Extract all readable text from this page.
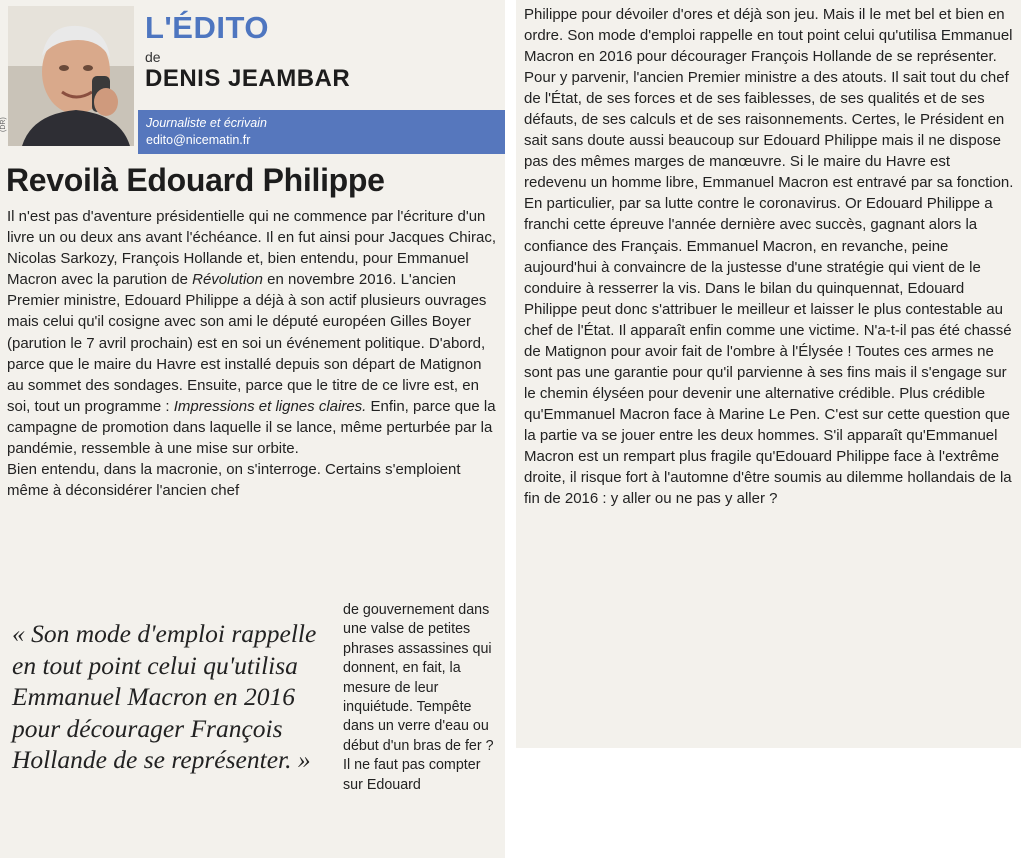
(DR)
L'ÉDITO
de
DENIS JEAMBAR
Journaliste et écrivain
edito@nicematin.fr
Revoilà Edouard Philippe

Il n'est pas d'aventure présidentielle qui ne commence par l'écriture d'un livre un ou deux ans avant l'échéance. Il en fut ainsi pour Jacques Chirac, Nicolas Sarkozy, François Hollande et, bien entendu, pour Emmanuel Macron avec la parution de Révolution en novembre 2016. L'ancien Premier ministre, Edouard Philippe a déjà à son actif plusieurs ouvrages mais celui qu'il cosigne avec son ami le député européen Gilles Boyer (parution le 7 avril prochain) est en soi un événement politique. D'abord, parce que le maire du Havre est installé depuis son départ de Matignon au sommet des sondages. Ensuite, parce que le titre de ce livre est, en soi, tout un programme : Impressions et lignes claires. Enfin, parce que la campagne de promotion dans laquelle il se lance, même perturbée par la pandémie, ressemble à une mise sur orbite.
Bien entendu, dans la macronie, on s'interroge. Certains s'emploient même à déconsidérer l'ancien chef

« Son mode d'emploi rappelle en tout point celui qu'utilisa Emmanuel Macron en 2016 pour décourager François Hollande de se représenter. »

de gouvernement dans une valse de petites phrases assassines qui donnent, en fait, la mesure de leur inquiétude. Tempête dans un verre d'eau ou début d'un bras de fer ? Il ne faut pas compter sur Edouard

Philippe pour dévoiler d'ores et déjà son jeu. Mais il le met bel et bien en ordre. Son mode d'emploi rappelle en tout point celui qu'utilisa Emmanuel Macron en 2016 pour décourager François Hollande de se représenter. Pour y parvenir, l'ancien Premier ministre a des atouts. Il sait tout du chef de l'État, de ses forces et de ses faiblesses, de ses qualités et de ses défauts, de ses calculs et de ses raisonnements. Certes, le Président en sait sans doute aussi beaucoup sur Edouard Philippe mais il ne dispose pas des mêmes marges de manœuvre. Si le maire du Havre est redevenu un homme libre, Emmanuel Macron est entravé par sa fonction. En particulier, par sa lutte contre le coronavirus. Or Edouard Philippe a franchi cette épreuve l'année dernière avec succès, gagnant alors la confiance des Français. Emmanuel Macron, en revanche, peine aujourd'hui à convaincre de la justesse d'une stratégie qui vient de le conduire à resserrer la vis. Dans le bilan du quinquennat, Edouard Philippe peut donc s'attribuer le meilleur et laisser le plus contestable au chef de l'État. Il apparaît enfin comme une victime. N'a-t-il pas été chassé de Matignon pour avoir fait de l'ombre à l'Élysée ! Toutes ces armes ne sont pas une garantie pour qu'il parvienne à ses fins mais il s'engage sur le chemin élyséen pour devenir une alternative crédible. Plus crédible qu'Emmanuel Macron face à Marine Le Pen. C'est sur cette question que la partie va se jouer entre les deux hommes. S'il apparaît qu'Emmanuel Macron est un rempart plus fragile qu'Edouard Philippe face à l'extrême droite, il risque fort à l'automne d'être soumis au dilemme hollandais de la fin de 2016 : y aller ou ne pas y aller ?
